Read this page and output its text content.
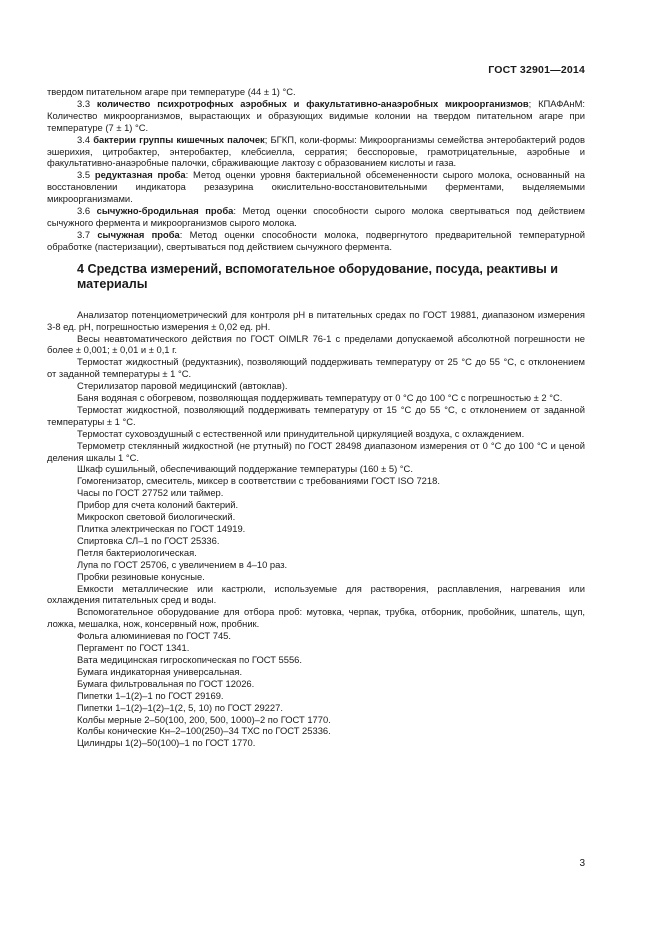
ГОСТ 32901—2014

твердом питательном агаре при температуре (44 ± 1) °С.

3.3 количество психротрофных аэробных и факультативно-анаэробных микроорганизмов; КПАФАнМ: Количество микроорганизмов, вырастающих и образующих видимые колонии на твердом питательном агаре при температуре (7 ± 1) °С.

3.4 бактерии группы кишечных палочек; БГКП, коли-формы: Микроорганизмы семейства энтеробактерий родов эшерихия, цитробактер, энтеробактер, клебсиелла, серратия; бесспоровые, грамотрицательные, аэробные и факультативно-анаэробные палочки, сбраживающие лактозу с образованием кислоты и газа.

3.5 редуктазная проба: Метод оценки уровня бактериальной обсемененности сырого молока, основанный на восстановлении индикатора резазурина окислительно-восстановительными ферментами, выделяемыми микроорганизмами.

3.6 сычужно-бродильная проба: Метод оценки способности сырого молока свертываться под действием сычужного фермента и микроорганизмов сырого молока.

3.7 сычужная проба: Метод оценки способности молока, подвергнутого предварительной температурной обработке (пастеризации), свертываться под действием сычужного фермента.

4 Средства измерений, вспомогательное оборудование, посуда, реактивы и материалы

Анализатор потенциометрический для контроля рН в питательных средах по ГОСТ 19881, диапазоном измерения 3-8 ед. рН, погрешностью измерения ± 0,02 ед. рН.

Весы неавтоматического действия по ГОСТ OIMLR 76-1 с пределами допускаемой абсолютной погрешности не более ± 0,001; ± 0,01 и ± 0,1 г.

Термостат жидкостный (редуктазник), позволяющий поддерживать температуру от 25 °С до 55 °С, с отклонением от заданной температуры ± 1 °С.

Стерилизатор паровой медицинский (автоклав).

Баня водяная с обогревом, позволяющая поддерживать температуру от 0 °С до 100 °С с погрешностью ± 2 °С.

Термостат жидкостной, позволяющий поддерживать температуру от 15 °С до 55 °С, с отклонением от заданной температуры ± 1 °С.

Термостат суховоздушный с естественной или принудительной циркуляцией воздуха, с охлаждением.

Термометр стеклянный жидкостной (не ртутный) по ГОСТ 28498 диапазоном измерения от 0 °С до 100 °С и ценой деления шкалы 1 °С.

Шкаф сушильный, обеспечивающий поддержание температуры (160 ± 5) °С.

Гомогенизатор, смеситель, миксер в соответствии с требованиями ГОСТ ISO 7218.

Часы по ГОСТ 27752 или таймер.

Прибор для счета колоний бактерий.

Микроскоп световой биологический.

Плитка электрическая по ГОСТ 14919.

Спиртовка СЛ–1 по ГОСТ 25336.

Петля бактериологическая.

Лупа по ГОСТ 25706, с увеличением в 4–10 раз.

Пробки резиновые конусные.

Емкости металлические или кастрюли, используемые для растворения, расплавления, нагревания или охлаждения питательных сред и воды.

Вспомогательное оборудование для отбора проб: мутовка, черпак, трубка, отборник, пробойник, шпатель, щуп, ложка, мешалка, нож, консервный нож, пробник.

Фольга алюминиевая по ГОСТ 745.

Пергамент по ГОСТ 1341.

Вата медицинская гигроскопическая по ГОСТ 5556.

Бумага индикаторная универсальная.

Бумага фильтровальная по ГОСТ 12026.

Пипетки 1–1(2)–1 по ГОСТ 29169.

Пипетки 1–1(2)–1(2)–1(2, 5, 10) по ГОСТ 29227.

Колбы мерные 2–50(100, 200, 500, 1000)–2 по ГОСТ 1770.

Колбы конические Кн–2–100(250)–34 ТХС по ГОСТ 25336.

Цилиндры 1(2)–50(100)–1 по ГОСТ 1770.

3
